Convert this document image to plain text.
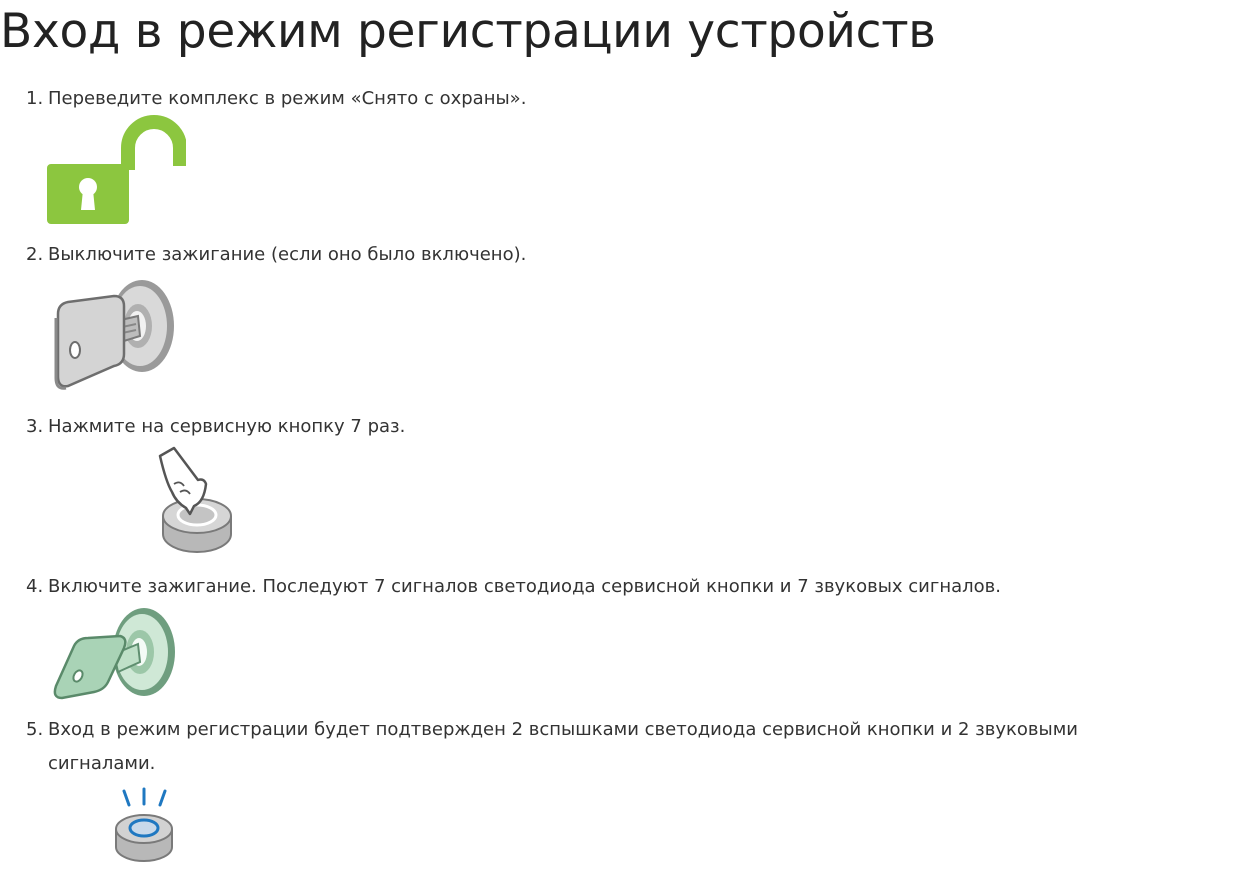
Вход в режим регистрации устройств
1. Переведите комплекс в режим «Снято с охраны».
2. Выключите зажигание (если оно было включено).
3. Нажмите на сервисную кнопку 7 раз.
4. Включите зажигание. Последуют 7 сигналов светодиода сервисной кнопки и 7 звуковых сигналов.
5. Вход в режим регистрации будет подтвержден 2 вспышками светодиода сервисной кнопки и 2 звуковыми сигналами.
